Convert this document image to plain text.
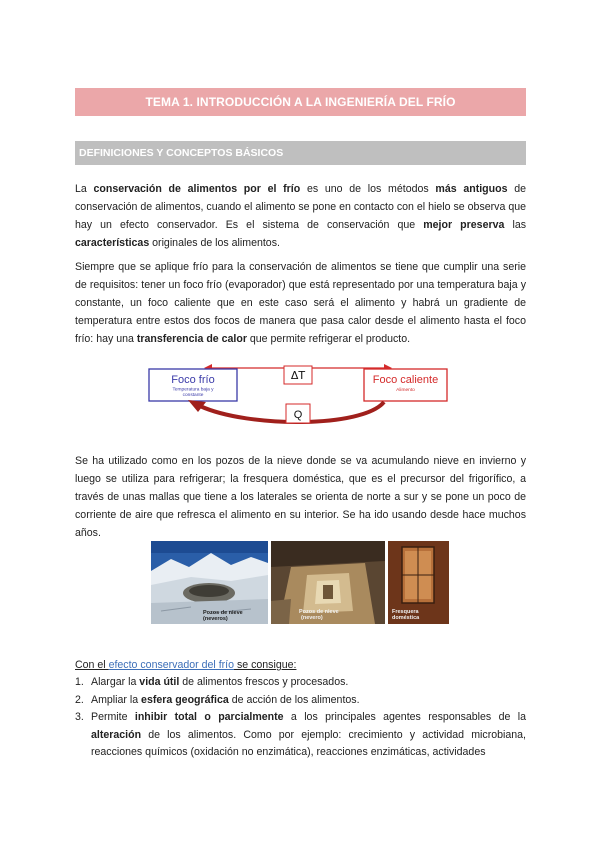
TEMA 1. INTRODUCCIÓN A LA INGENIERÍA DEL FRÍO
DEFINICIONES Y CONCEPTOS BÁSICOS

La conservación de alimentos por el frío es uno de los métodos más antiguos de conservación de alimentos, cuando el alimento se pone en contacto con el hielo se observa que hay un efecto conservador. Es el sistema de conservación que mejor preserva las características originales de los alimentos.

Siempre que se aplique frío para la conservación de alimentos se tiene que cumplir una serie de requisitos: tener un foco frío (evaporador) que está representado por una temperatura baja y constante, un foco caliente que en este caso será el alimento y habrá un gradiente de temperatura entre estos dos focos de manera que pasa calor desde el alimento hasta el foco frío: hay una transferencia de calor que permite refrigerar el producto.

Foco frío
Temperatura baja y
constante
Foco caliente
Alimento
ΔT
Q

Se ha utilizado como en los pozos de la nieve donde se va acumulando nieve en invierno y luego se utiliza para refrigerar; la fresquera doméstica, que es el precursor del frigorífico, a través de unas mallas que tiene a los laterales se orienta de norte a sur y se pone un poco de corriente de aire que refresca el alimento en su interior. Se ha ido usando desde hace muchos años.

Pozos de nieve
(neveros)
Pozos de nieve
(nevero)
Fresquera
doméstica

Con el efecto conservador del frío se consigue:

1. Alargar la vida útil de alimentos frescos y procesados.
2. Ampliar la esfera geográfica de acción de los alimentos.
3. Permite inhibir total o parcialmente a los principales agentes responsables de la alteración de los alimentos. Como por ejemplo: crecimiento y actividad microbiana, reacciones químicos (oxidación no enzimática), reacciones enzimáticas, actividades
